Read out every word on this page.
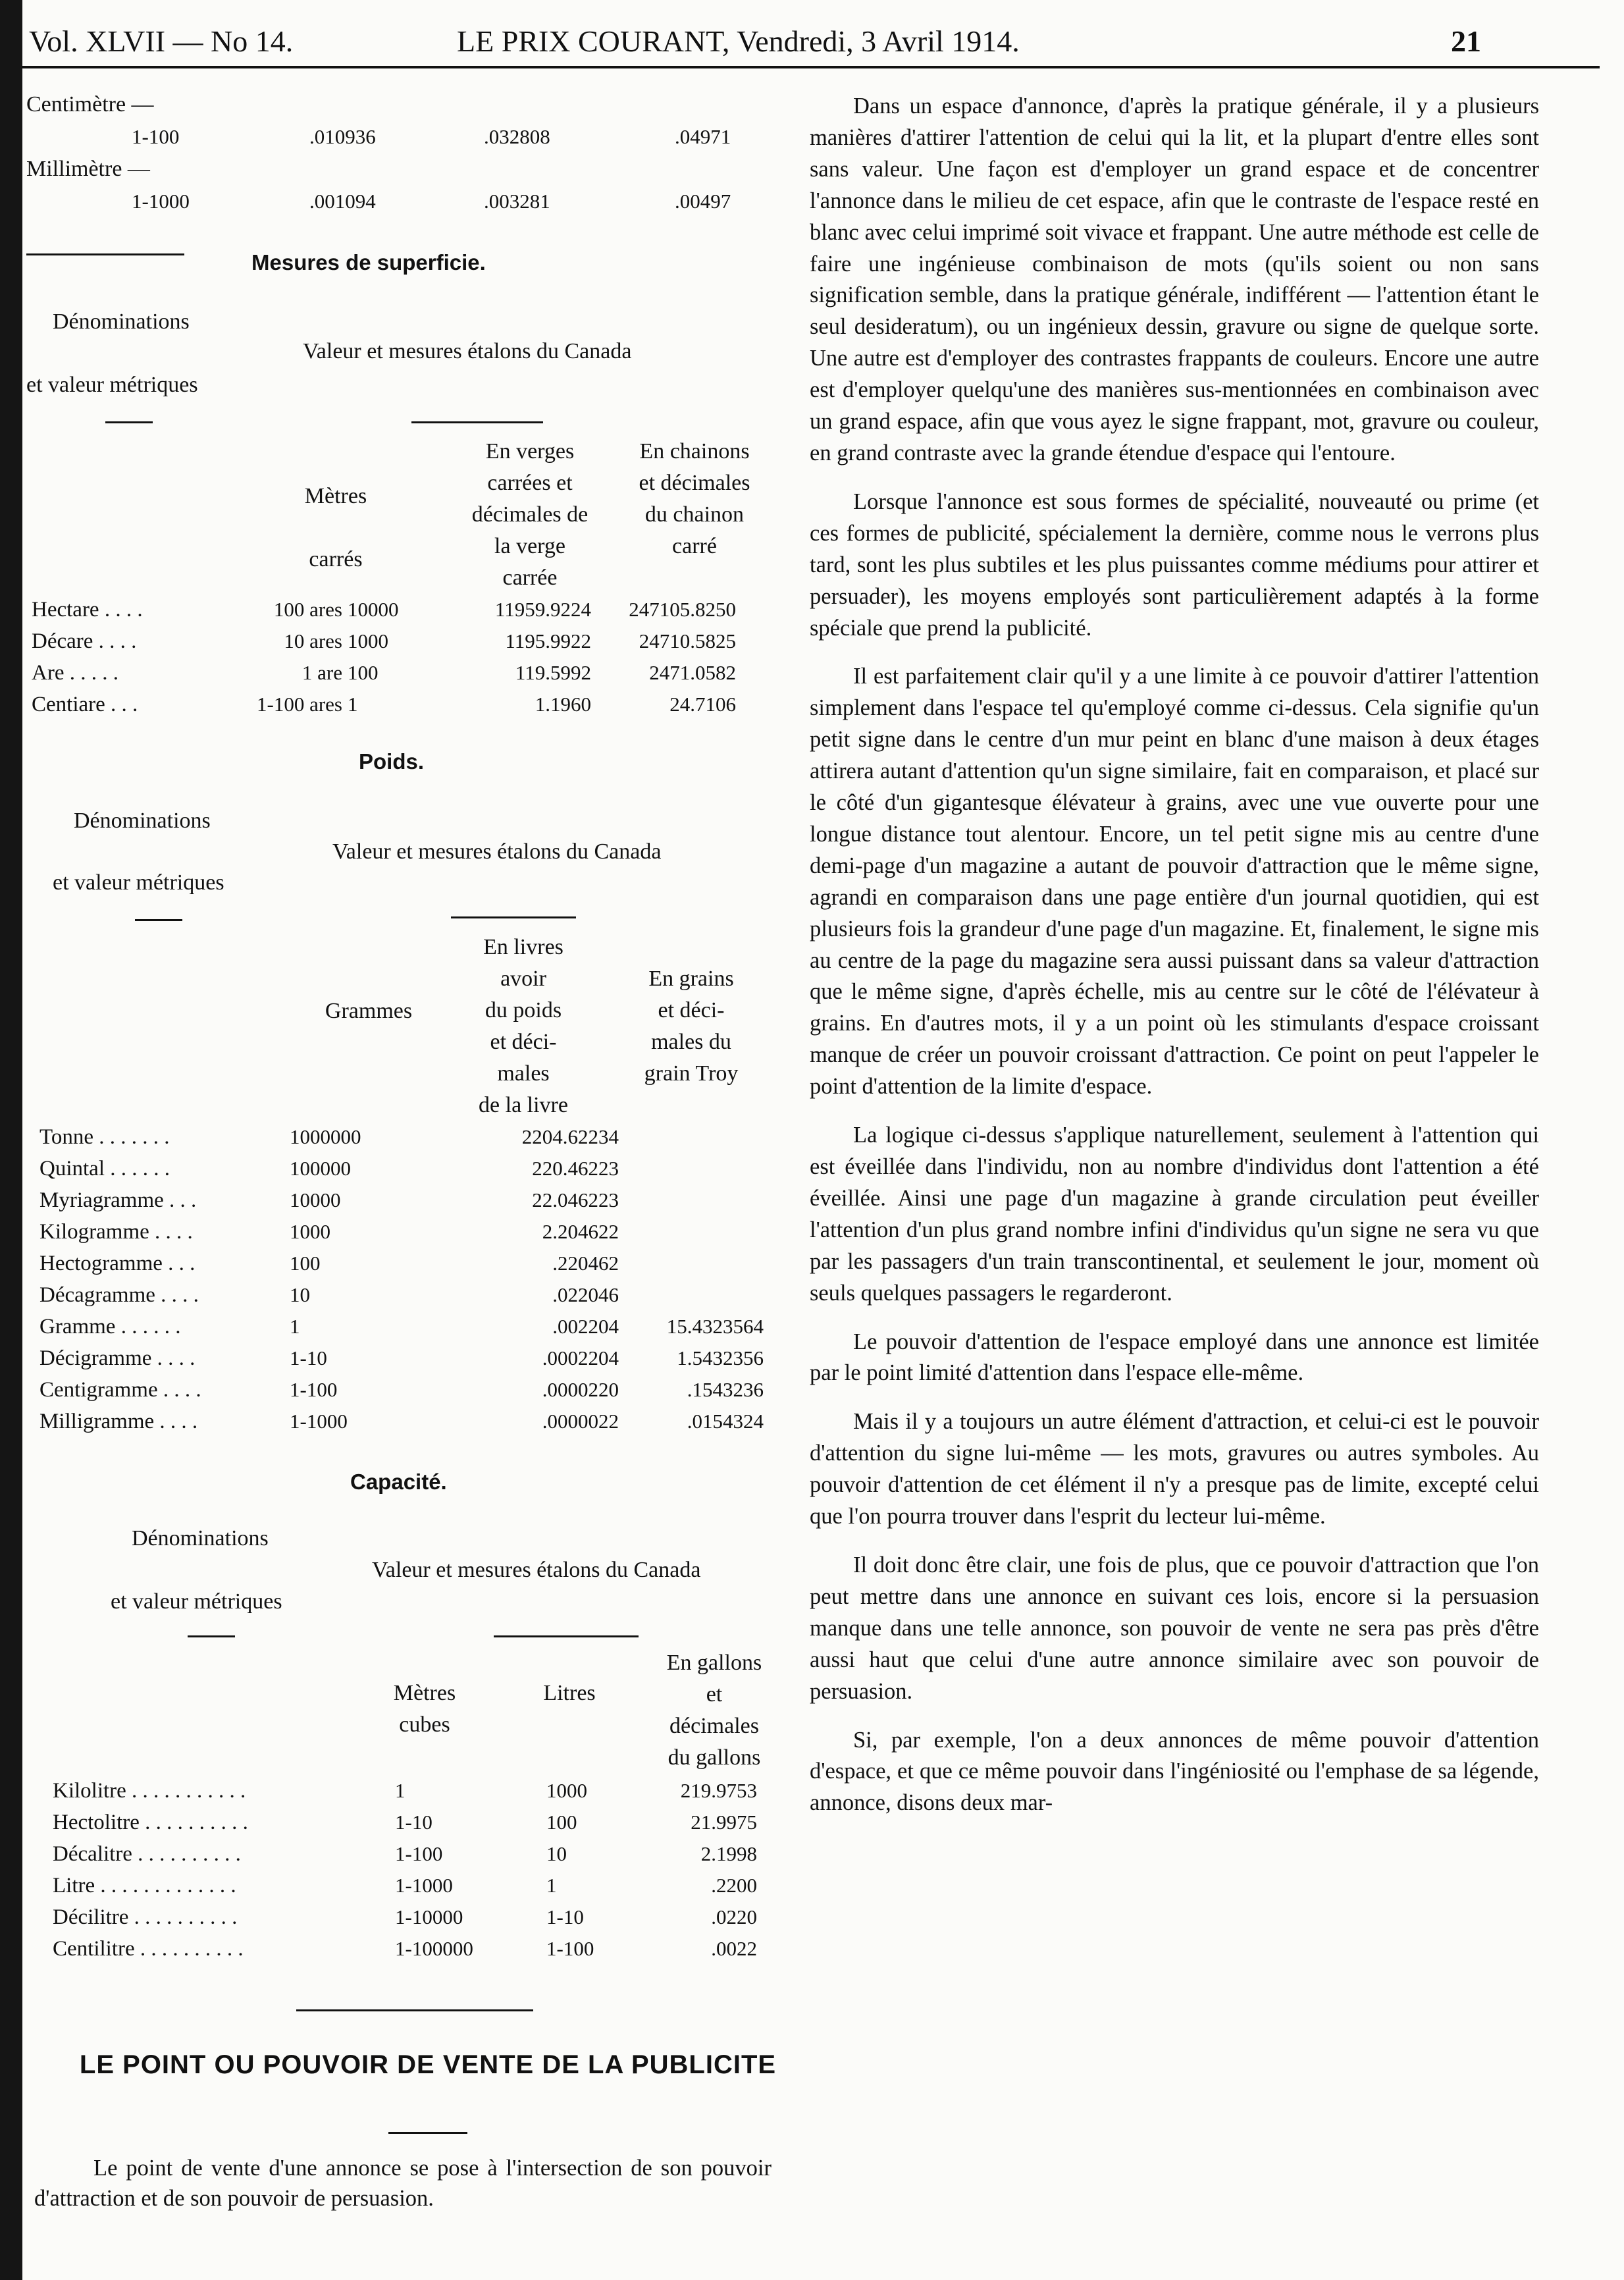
Vol. XLVII — No 14.	LE PRIX COURANT, Vendredi, 3 Avril 1914.	21
Centimètre —
1-100	.010936	.032808	.04971
Millimètre —
1-1000	.001094	.003281	.00497
Mesures de superficie.
Dénominations
Valeur et mesures étalons du Canada
et valeur métriques
Mètres
carrés
En verges
carrées et
décimales de
la verge
carrée
En chainons
et décimales
du chainon
carré
Hectare . . . .	100 ares	10000	11959.9224	247105.8250
Décare . . . .	10 ares	1000	1195.9922	24710.5825
Are . . . . .	1 are	100	119.5992	2471.0582
Centiare . . .	1-100 ares	1	1.1960	24.7106
Poids.
Dénominations
Valeur et mesures étalons du Canada
et valeur métriques
Grammes
En livres
avoir
du poids
et déci-
males
de la livre
En grains
et déci-
males du
grain Troy
Tonne . . . . . . .	1000000	2204.62234	
Quintal . . . . . .	100000	220.46223	
Myriagramme . . .	10000	22.046223	
Kilogramme . . . .	1000	2.204622	
Hectogramme . . .	100	.220462	
Décagramme . . . .	10	.022046	
Gramme . . . . . .	1	.002204	15.4323564
Décigramme . . . .	1-10	.0002204	1.5432356
Centigramme . . . .	1-100	.0000220	.1543236
Milligramme . . . .	1-1000	.0000022	.0154324
Capacité.
Dénominations
Valeur et mesures étalons du Canada
et valeur métriques
Mètres
cubes
Litres
En gallons
et
décimales
du gallons
Kilolitre . . . . . . . . . . .	1	1000	219.9753
Hectolitre . . . . . . . . . .	1-10	100	21.9975
Décalitre . . . . . . . . . .	1-100	10	2.1998
Litre . . . . . . . . . . . . .	1-1000	1	.2200
Décilitre . . . . . . . . . .	1-10000	1-10	.0220
Centilitre . . . . . . . . . .	1-100000	1-100	.0022
LE POINT OU POUVOIR DE VENTE DE LA PUBLICITE

Le point de vente d'une annonce se pose à l'intersection de son pouvoir d'attraction et de son pouvoir de persuasion.

Dans un espace d'annonce, d'après la pratique générale, il y a plusieurs manières d'attirer l'attention de celui qui la lit, et la plupart d'entre elles sont sans valeur. Une façon est d'employer un grand espace et de concentrer l'annonce dans le milieu de cet espace, afin que le contraste de l'espace resté en blanc avec celui imprimé soit vivace et frappant. Une autre méthode est celle de faire une ingénieuse combinaison de mots (qu'ils soient ou non sans signification semble, dans la pratique générale, indifférent — l'attention étant le seul desideratum), ou un ingénieux dessin, gravure ou signe de quelque sorte. Une autre est d'employer des contrastes frappants de couleurs. Encore une autre est d'employer quelqu'une des manières sus-mentionnées en combinaison avec un grand espace, afin que vous ayez le signe frappant, mot, gravure ou couleur, en grand contraste avec la grande étendue d'espace qui l'entoure.

Lorsque l'annonce est sous formes de spécialité, nouveauté ou prime (et ces formes de publicité, spécialement la dernière, comme nous le verrons plus tard, sont les plus subtiles et les plus puissantes comme médiums pour attirer et persuader), les moyens employés sont particulièrement adaptés à la forme spéciale que prend la publicité.

Il est parfaitement clair qu'il y a une limite à ce pouvoir d'attirer l'attention simplement dans l'espace tel qu'employé comme ci-dessus. Cela signifie qu'un petit signe dans le centre d'un mur peint en blanc d'une maison à deux étages attirera autant d'attention qu'un signe similaire, fait en comparaison, et placé sur le côté d'un gigantesque élévateur à grains, avec une vue ouverte pour une longue distance tout alentour. Encore, un tel petit signe mis au centre d'une demi-page d'un magazine a autant de pouvoir d'attraction que le même signe, agrandi en comparaison dans une page entière d'un journal quotidien, qui est plusieurs fois la grandeur d'une page d'un magazine. Et, finalement, le signe mis au centre de la page du magazine sera aussi puissant dans sa valeur d'attraction que le même signe, d'après échelle, mis au centre sur le côté de l'élévateur à grains. En d'autres mots, il y a un point où les stimulants d'espace croissant manque de créer un pouvoir croissant d'attraction. Ce point on peut l'appeler le point d'attention de la limite d'espace.

La logique ci-dessus s'applique naturellement, seulement à l'attention qui est éveillée dans l'individu, non au nombre d'individus dont l'attention a été éveillée. Ainsi une page d'un magazine à grande circulation peut éveiller l'attention d'un plus grand nombre infini d'individus qu'un signe ne sera vu que par les passagers d'un train transcontinental, et seulement le jour, moment où seuls quelques passagers le regarderont.

Le pouvoir d'attention de l'espace employé dans une annonce est limitée par le point limité d'attention dans l'espace elle-même.

Mais il y a toujours un autre élément d'attraction, et celui-ci est le pouvoir d'attention du signe lui-même — les mots, gravures ou autres symboles. Au pouvoir d'attention de cet élément il n'y a presque pas de limite, excepté celui que l'on pourra trouver dans l'esprit du lecteur lui-même.

Il doit donc être clair, une fois de plus, que ce pouvoir d'attraction que l'on peut mettre dans une annonce en suivant ces lois, encore si la persuasion manque dans une telle annonce, son pouvoir de vente ne sera pas près d'être aussi haut que celui d'une autre annonce similaire avec son pouvoir de persuasion.

Si, par exemple, l'on a deux annonces de même pouvoir d'attention d'espace, et que ce même pouvoir dans l'ingéniosité ou l'emphase de sa légende, annonce, disons deux mar-
